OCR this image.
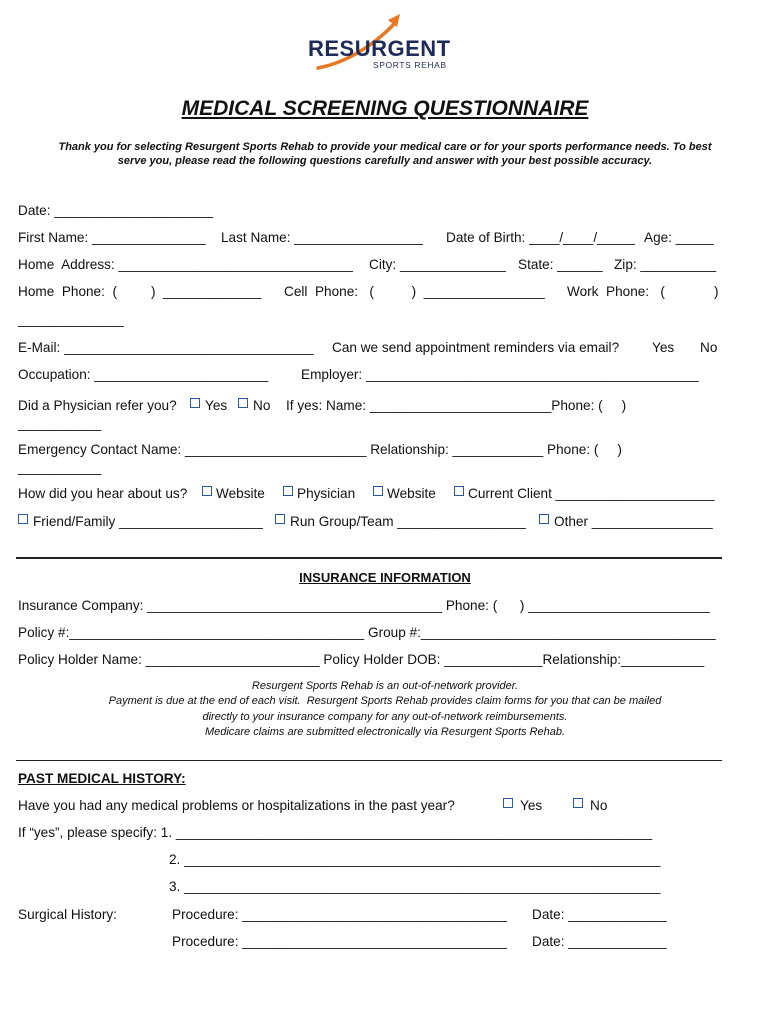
RESURGENT
SPORTS REHAB
MEDICAL SCREENING QUESTIONNAIRE
Thank you for selecting Resurgent Sports Rehab to provide your medical care or for your sports performance needs. To best
serve you, please read the following questions carefully and answer with your best possible accuracy.
Date: _____________________
First Name: _______________ Last Name: _________________ Date of Birth: ____/____/_____ Age: _____
Home  Address: _______________________________ City: ______________ State: ______ Zip: __________
Home  Phone:  (         )  _____________ Cell  Phone:   (          )  ________________ Work  Phone:   (             )
______________
E-Mail: _________________________________ Can we send appointment reminders via email? Yes No
Occupation: _______________________ Employer: ____________________________________________
Did a Physician refer you? Yes No If yes: Name: ________________________Phone: (     )
___________
Emergency Contact Name: ________________________ Relationship: ____________ Phone: (     )
___________
How did you hear about us? Website Physician Website Current Client _____________________
Friend/Family ___________________ Run Group/Team _________________ Other ________________
INSURANCE INFORMATION
Insurance Company: _______________________________________ Phone: (      ) ________________________
Policy #:_______________________________________ Group #:_______________________________________
Policy Holder Name: _______________________ Policy Holder DOB: _____________Relationship:___________
Resurgent Sports Rehab is an out-of-network provider.
Payment is due at the end of each visit.  Resurgent Sports Rehab provides claim forms for you that can be mailed
directly to your insurance company for any out-of-network reimbursements.
Medicare claims are submitted electronically via Resurgent Sports Rehab.
PAST MEDICAL HISTORY:
Have you had any medical problems or hospitalizations in the past year?	Yes	No
If “yes”, please specify: 1. _______________________________________________________________
2. _______________________________________________________________
3. _______________________________________________________________
Surgical History:	Procedure: ___________________________________ Date: _____________
Procedure: ___________________________________ Date: _____________
